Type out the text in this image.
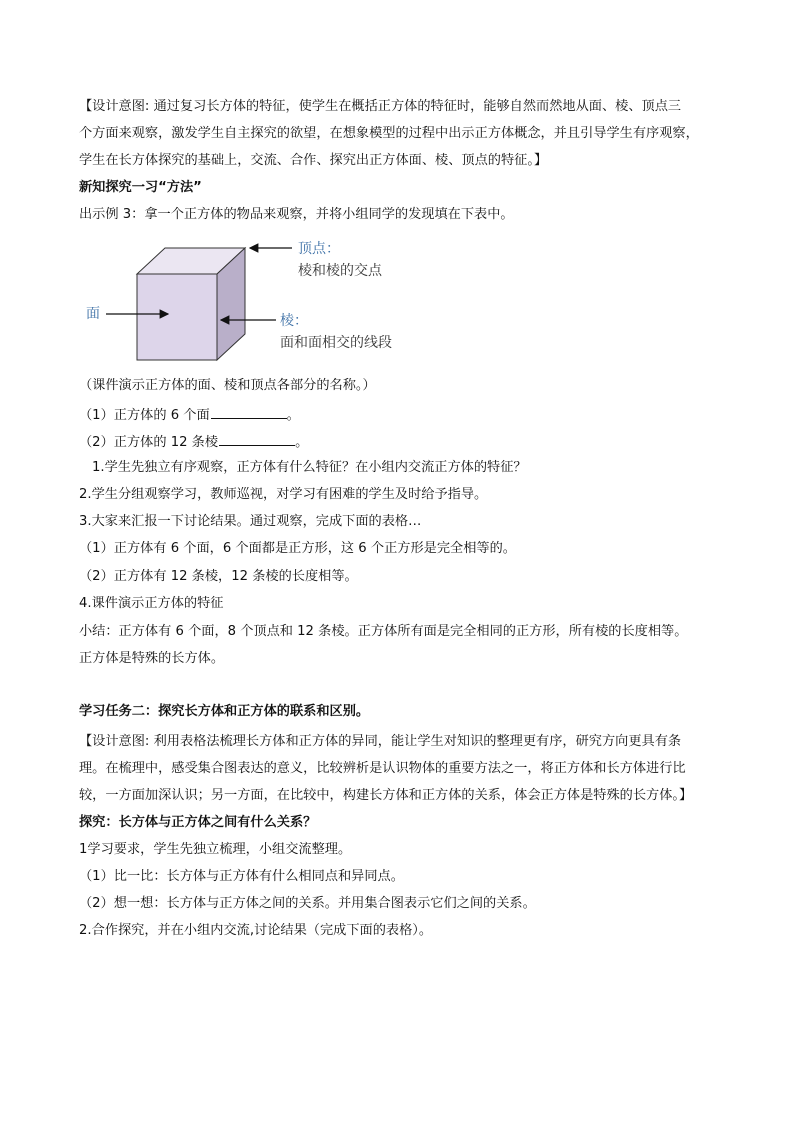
【设计意图: 通过复习长方体的特征，使学生在概括正方体的特征时，能够自然而然地从面、棱、顶点三
个方面来观察，激发学生自主探究的欲望，在想象模型的过程中出示正方体概念，并且引导学生有序观察，
学生在长方体探究的基础上，交流、合作、探究出正方体面、棱、顶点的特征。】
新知探究一习“方法”
出示例 3：拿一个正方体的物品来观察，并将小组同学的发现填在下表中。
顶点：
棱和棱的交点
面	棱：
面和面相交的线段
（课件演示正方体的面、棱和顶点各部分的名称。）
（1）正方体的 6 个面	。
（2）正方体的 12 条棱	。
1.学生先独立有序观察，正方体有什么特征？在小组内交流正方体的特征？
2.学生分组观察学习，教师巡视，对学习有困难的学生及时给予指导。
3.大家来汇报一下讨论结果。通过观察，完成下面的表格…
（1）正方体有 6 个面，6 个面都是正方形，这 6 个正方形是完全相等的。
（2）正方体有 12 条棱，12 条棱的长度相等。
4.课件演示正方体的特征
小结：正方体有 6 个面，8 个顶点和 12 条棱。正方体所有面是完全相同的正方形，所有棱的长度相等。
正方体是特殊的长方体。
学习任务二：探究长方体和正方体的联系和区别。
【设计意图: 利用表格法梳理长方体和正方体的异同，能让学生对知识的整理更有序，研究方向更具有条
理。在梳理中，感受集合图表达的意义，比较辨析是认识物体的重要方法之一，将正方体和长方体进行比
较，一方面加深认识；另一方面，在比较中，构建长方体和正方体的关系，体会正方体是特殊的长方体。】
探究：长方体与正方体之间有什么关系？
1学习要求，学生先独立梳理，小组交流整理。
（1）比一比：长方体与正方体有什么相同点和异同点。
（2）想一想：长方体与正方体之间的关系。并用集合图表示它们之间的关系。
2.合作探究，并在小组内交流,讨论结果（完成下面的表格）。
